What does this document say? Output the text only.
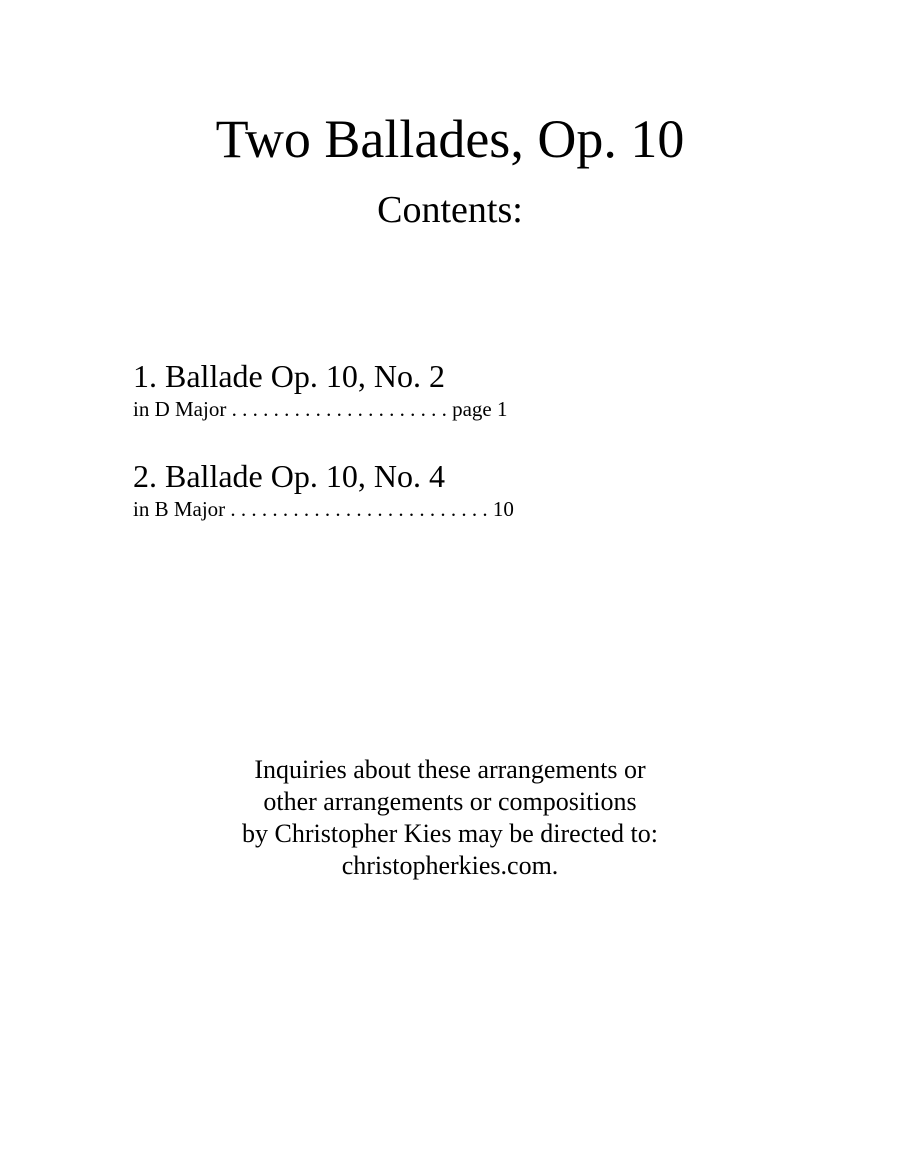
Two Ballades, Op. 10
Contents:
1. Ballade Op. 10, No. 2
in D Major . . . . . . . . . . . . . . . . . . . . . page 1
2. Ballade Op. 10, No. 4
in B Major . . . . . . . . . . . . . . . . . . . . . . . . . 10
Inquiries about these arrangements or
other arrangements or compositions
by Christopher Kies may be directed to:
christopherkies.com.
